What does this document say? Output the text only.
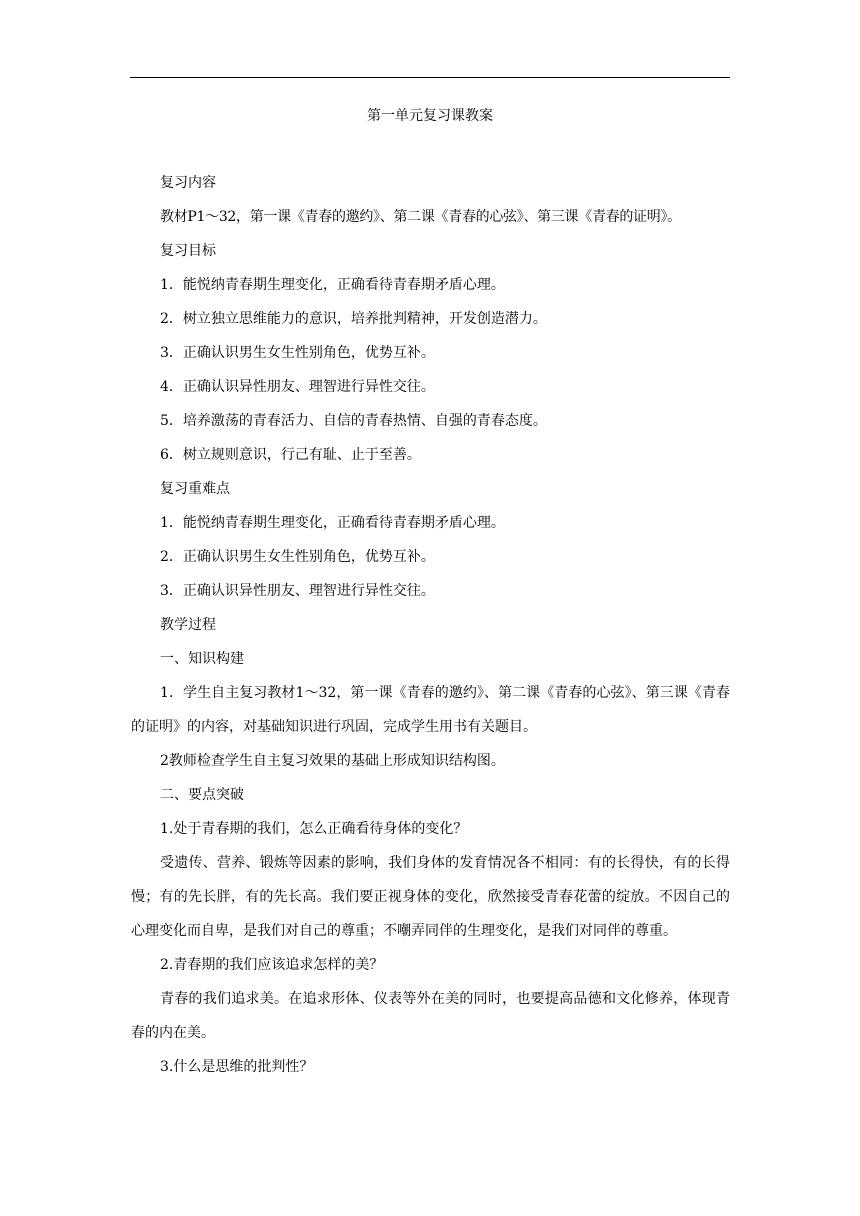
第一单元复习课教案

复习内容

教材P1～32，第一课《青春的邀约》、第二课《青春的心弦》、第三课《青春的证明》。

复习目标

1．能悦纳青春期生理变化，正确看待青春期矛盾心理。

2．树立独立思维能力的意识，培养批判精神，开发创造潜力。

3．正确认识男生女生性别角色，优势互补。

4．正确认识异性朋友、理智进行异性交往。

5．培养激荡的青春活力、自信的青春热情、自强的青春态度。

6．树立规则意识，行己有耻、止于至善。

复习重难点

1．能悦纳青春期生理变化，正确看待青春期矛盾心理。

2．正确认识男生女生性别角色，优势互补。

3．正确认识异性朋友、理智进行异性交往。

教学过程

一、知识构建

1．学生自主复习教材1～32，第一课《青春的邀约》、第二课《青春的心弦》、第三课《青春的证明》的内容，对基础知识进行巩固，完成学生用书有关题目。

2教师检查学生自主复习效果的基础上形成知识结构图。

二、要点突破

1.处于青春期的我们，怎么正确看待身体的变化？

受遗传、营养、锻炼等因素的影响，我们身体的发育情况各不相同：有的长得快，有的长得慢；有的先长胖，有的先长高。我们要正视身体的变化，欣然接受青春花蕾的绽放。不因自己的心理变化而自卑，是我们对自己的尊重；不嘲弄同伴的生理变化，是我们对同伴的尊重。

2.青春期的我们应该追求怎样的美？

青春的我们追求美。在追求形体、仪表等外在美的同时，也要提高品德和文化修养，体现青春的内在美。

3.什么是思维的批判性？
